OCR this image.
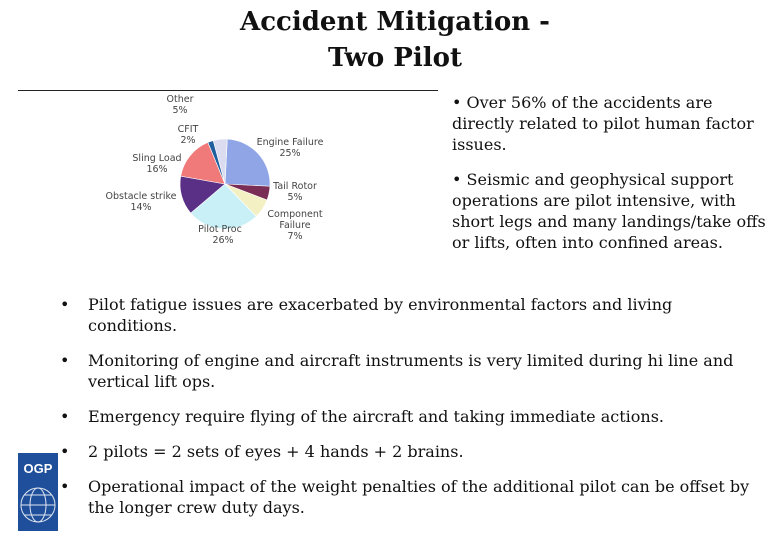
Accident Mitigation -
Two Pilot
Other
5%
CFIT
2%
Sling Load
16%
Obstacle strike
14%
Pilot Proc
26%
Engine Failure
25%
Tail Rotor
5%
Component Failure
7%

• Over 56% of the accidents are directly related to pilot human factor issues.

• Seismic and geophysical support operations are pilot intensive, with short legs and many landings/take offs or lifts, often into confined areas.

• Pilot fatigue issues are exacerbated by environmental factors and living conditions.
• Monitoring of engine and aircraft instruments is very limited during hi line and vertical lift ops.
• Emergency require flying of the aircraft and taking immediate actions.
• 2 pilots = 2 sets of eyes + 4 hands + 2 brains.
• Operational impact of the weight penalties of the additional pilot can be offset by the longer crew duty days.
OGP
